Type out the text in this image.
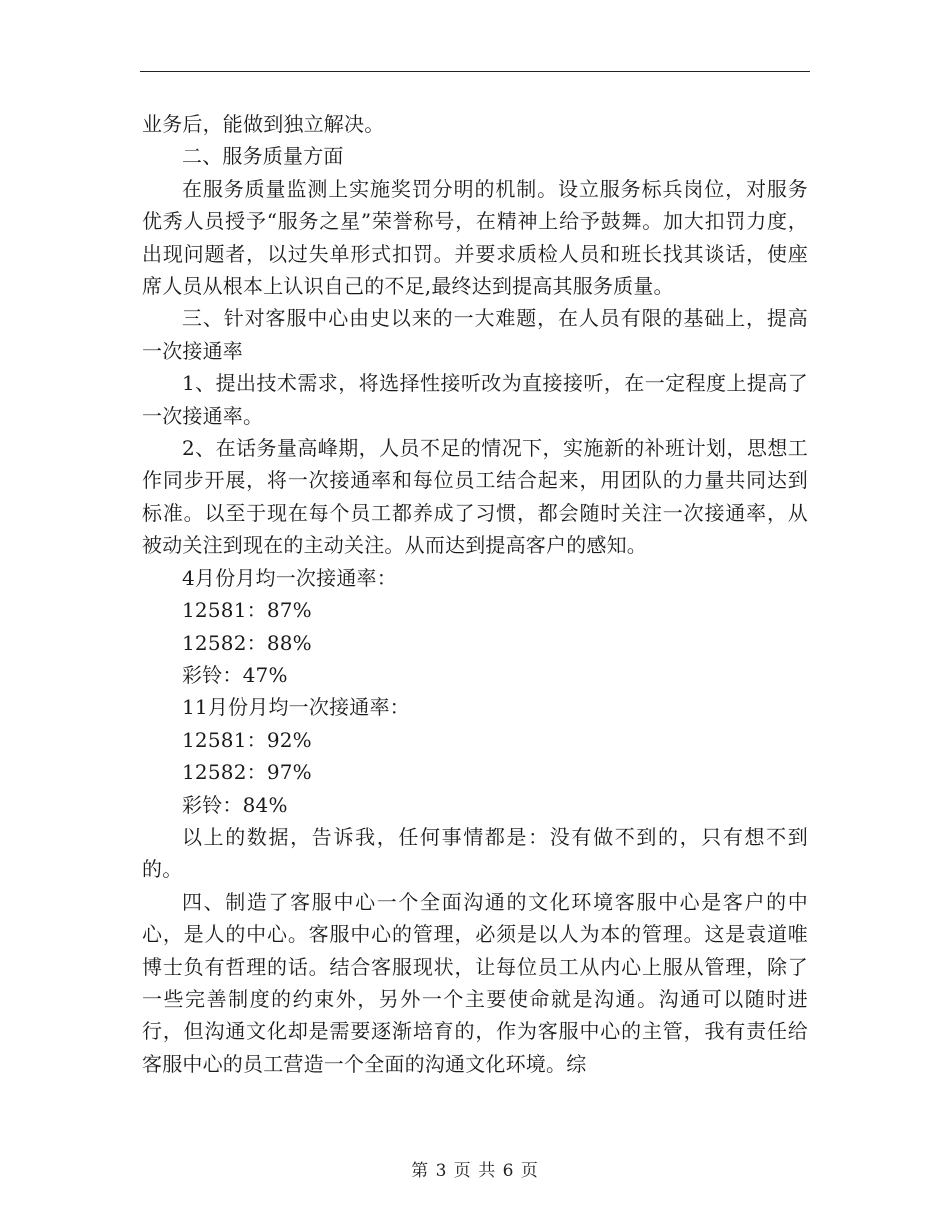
业务后，能做到独立解决。

二、服务质量方面

在服务质量监测上实施奖罚分明的机制。设立服务标兵岗位，对服务优秀人员授予“服务之星”荣誉称号，在精神上给予鼓舞。加大扣罚力度，出现问题者，以过失单形式扣罚。并要求质检人员和班长找其谈话，使座席人员从根本上认识自己的不足,最终达到提高其服务质量。

三、针对客服中心由史以来的一大难题，在人员有限的基础上，提高一次接通率

1、提出技术需求，将选择性接听改为直接接听，在一定程度上提高了一次接通率。

2、在话务量高峰期，人员不足的情况下，实施新的补班计划，思想工作同步开展，将一次接通率和每位员工结合起来，用团队的力量共同达到标准。以至于现在每个员工都养成了习惯，都会随时关注一次接通率，从被动关注到现在的主动关注。从而达到提高客户的感知。

4月份月均一次接通率：

12581：87%

12582：88%

彩铃：47%

11月份月均一次接通率：

12581：92%

12582：97%

彩铃：84%

以上的数据，告诉我，任何事情都是：没有做不到的，只有想不到的。

四、制造了客服中心一个全面沟通的文化环境客服中心是客户的中心，是人的中心。客服中心的管理，必须是以人为本的管理。这是袁道唯博士负有哲理的话。结合客服现状，让每位员工从内心上服从管理，除了一些完善制度的约束外，另外一个主要使命就是沟通。沟通可以随时进行，但沟通文化却是需要逐渐培育的，作为客服中心的主管，我有责任给客服中心的员工营造一个全面的沟通文化环境。综

第 3 页 共 6 页
